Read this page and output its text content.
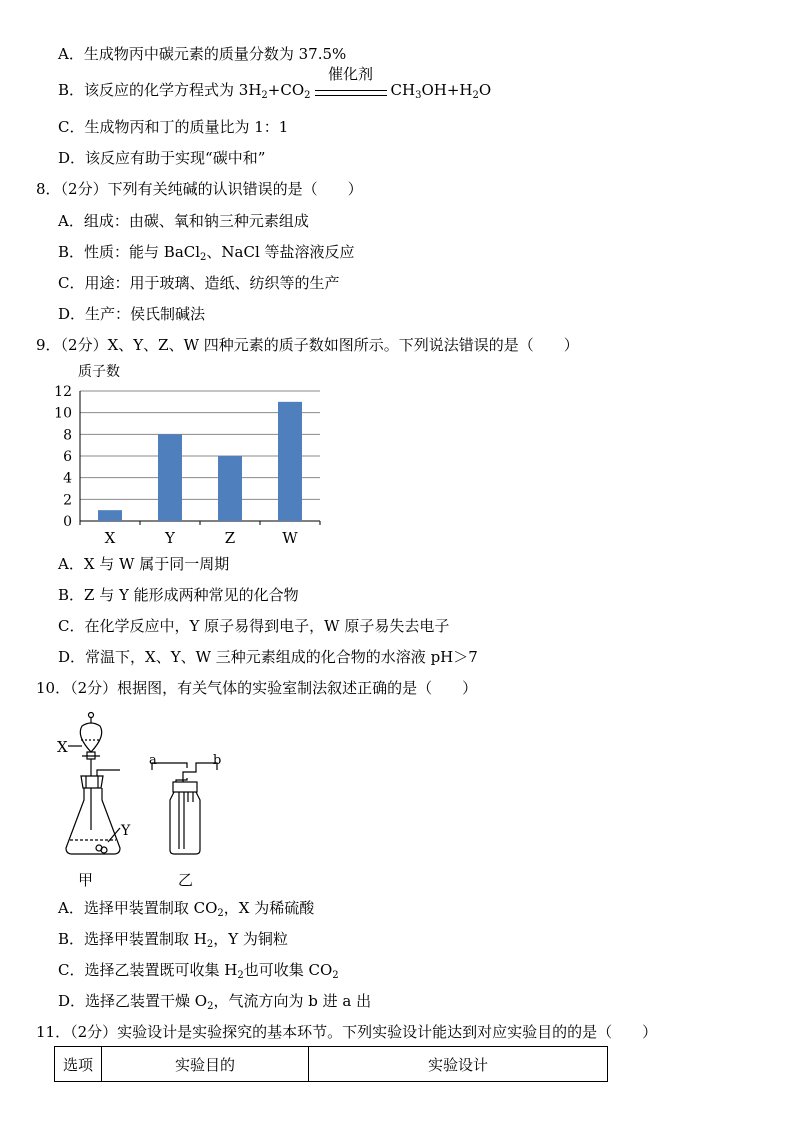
A．生成物丙中碳元素的质量分数为 37.5%
B．该反应的化学方程式为 $3H_2+CO_2$
催化剂
$CH_3OH+H_2O$
C．生成物丙和丁的质量比为 1：1
D．该反应有助于实现“碳中和”
8．（2分）下列有关纯碱的认识错误的是（　　）
A．组成：由碳、氧和钠三种元素组成
B．性质：能与 BaCl$_2$、NaCl 等盐溶液反应
C．用途：用于玻璃、造纸、纺织等的生产
D．生产：侯氏制碱法
9．（2分）X、Y、Z、W 四种元素的质子数如图所示。下列说法错误的是（　　）
质子数
0
2
4
6
8
10
12
X	Y	Z	W
A．X 与 W 属于同一周期
B．Z 与 Y 能形成两种常见的化合物
C．在化学反应中，Y 原子易得到电子，W 原子易失去电子
D．常温下，X、Y、W 三种元素组成的化合物的水溶液 pH＞7
10．（2分）根据图，有关气体的实验室制法叙述正确的是（　　）
X
Y
a	b
甲	乙
A．选择甲装置制取 $CO_2$，X 为稀硫酸
B．选择甲装置制取 $H_2$，Y 为铜粒
C．选择乙装置既可收集 $H_2$也可收集 $CO_2$
D．选择乙装置干燥 $O_2$，气流方向为 b 进 a 出
11．（2分）实验设计是实验探究的基本环节。下列实验设计能达到对应实验目的的是（　　）
选项	实验目的	实验设计
